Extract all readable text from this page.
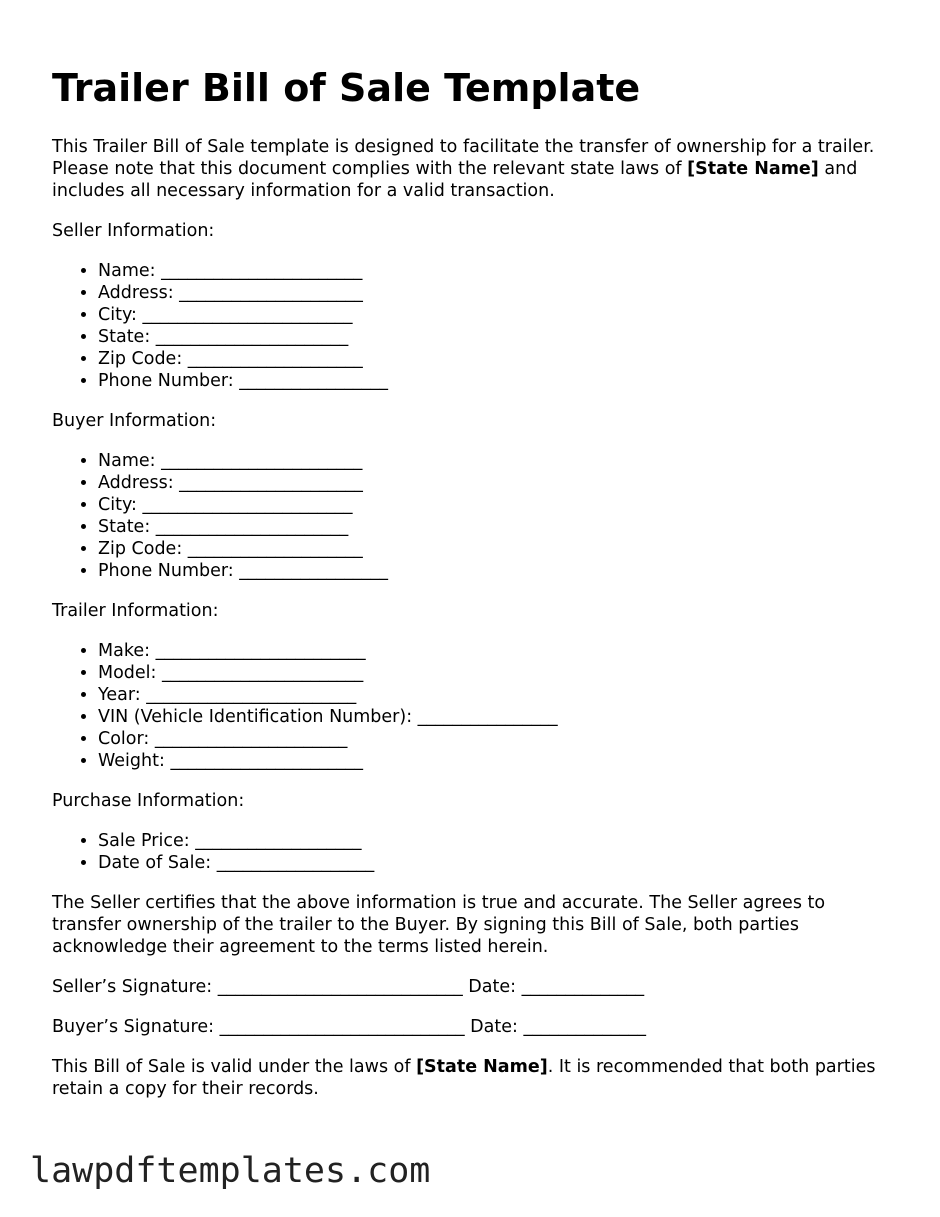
Trailer Bill of Sale Template

This Trailer Bill of Sale template is designed to facilitate the transfer of ownership for a trailer. Please note that this document complies with the relevant state laws of [State Name] and includes all necessary information for a valid transaction.

Seller Information:

• Name: _______________________
• Address: _____________________
• City: ________________________
• State: ______________________
• Zip Code: ____________________
• Phone Number: _________________

Buyer Information:

• Name: _______________________
• Address: _____________________
• City: ________________________
• State: ______________________
• Zip Code: ____________________
• Phone Number: _________________

Trailer Information:

• Make: ________________________
• Model: _______________________
• Year: ________________________
• VIN (Vehicle Identification Number): ________________
• Color: ______________________
• Weight: ______________________

Purchase Information:

• Sale Price: ___________________
• Date of Sale: __________________

The Seller certifies that the above information is true and accurate. The Seller agrees to transfer ownership of the trailer to the Buyer. By signing this Bill of Sale, both parties acknowledge their agreement to the terms listed herein.

Seller’s Signature: ____________________________ Date: ______________

Buyer’s Signature: ____________________________ Date: ______________

This Bill of Sale is valid under the laws of [State Name]. It is recommended that both parties retain a copy for their records.

lawpdftemplates.com
